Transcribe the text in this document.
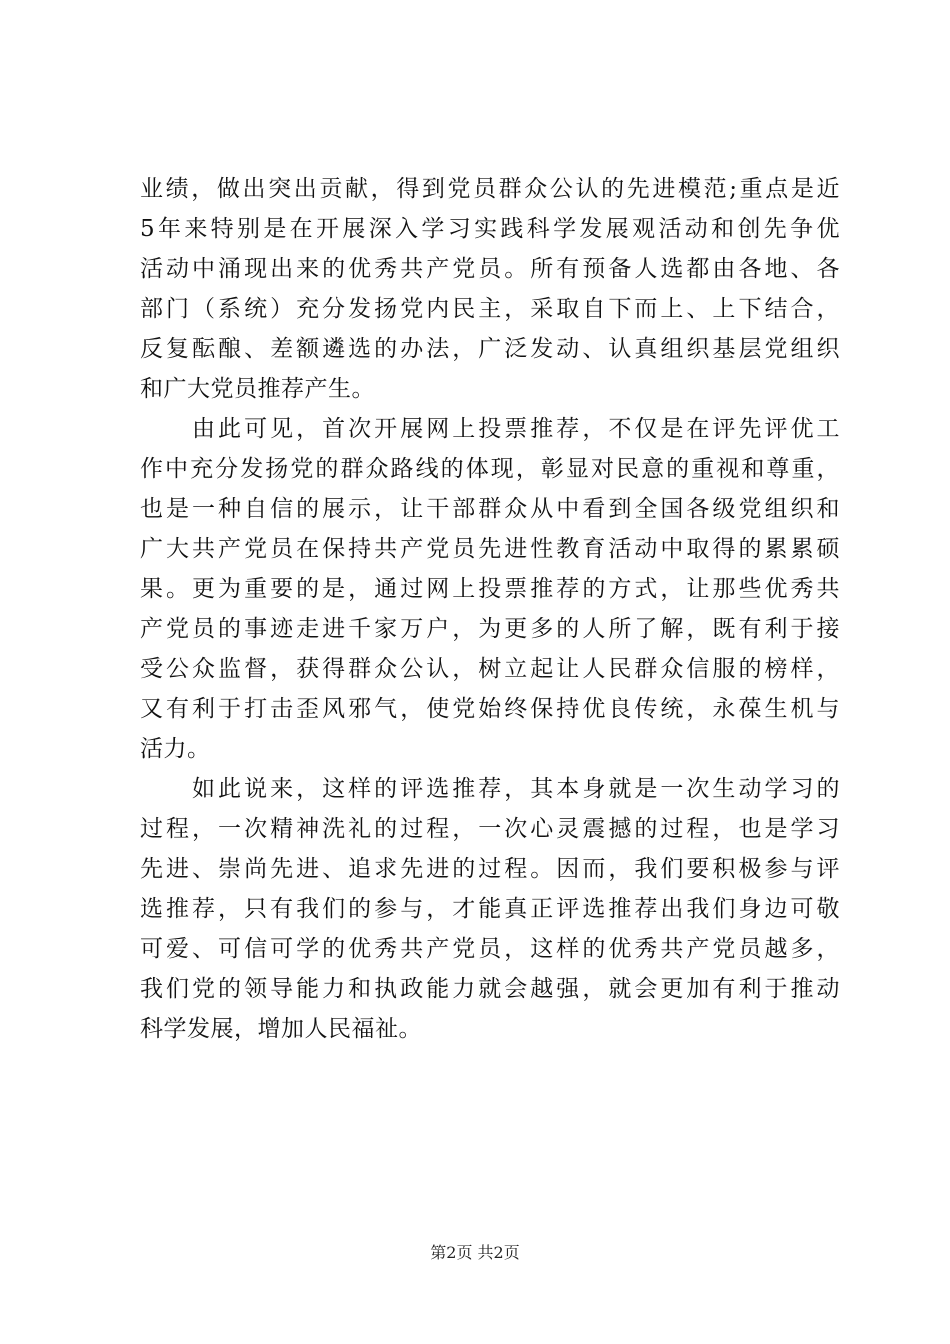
业绩，做出突出贡献，得到党员群众公认的先进模范;重点是近
5年来特别是在开展深入学习实践科学发展观活动和创先争优
活动中涌现出来的优秀共产党员。所有预备人选都由各地、各
部门（系统）充分发扬党内民主，采取自下而上、上下结合，
反复酝酿、差额遴选的办法，广泛发动、认真组织基层党组织
和广大党员推荐产生。
　　由此可见，首次开展网上投票推荐，不仅是在评先评优工
作中充分发扬党的群众路线的体现，彰显对民意的重视和尊重，
也是一种自信的展示，让干部群众从中看到全国各级党组织和
广大共产党员在保持共产党员先进性教育活动中取得的累累硕
果。更为重要的是，通过网上投票推荐的方式，让那些优秀共
产党员的事迹走进千家万户，为更多的人所了解，既有利于接
受公众监督，获得群众公认，树立起让人民群众信服的榜样，
又有利于打击歪风邪气，使党始终保持优良传统，永葆生机与
活力。
　　如此说来，这样的评选推荐，其本身就是一次生动学习的
过程，一次精神洗礼的过程，一次心灵震撼的过程，也是学习
先进、崇尚先进、追求先进的过程。因而，我们要积极参与评
选推荐，只有我们的参与，才能真正评选推荐出我们身边可敬
可爱、可信可学的优秀共产党员，这样的优秀共产党员越多，
我们党的领导能力和执政能力就会越强，就会更加有利于推动
科学发展，增加人民福祉。
第2页 共2页
